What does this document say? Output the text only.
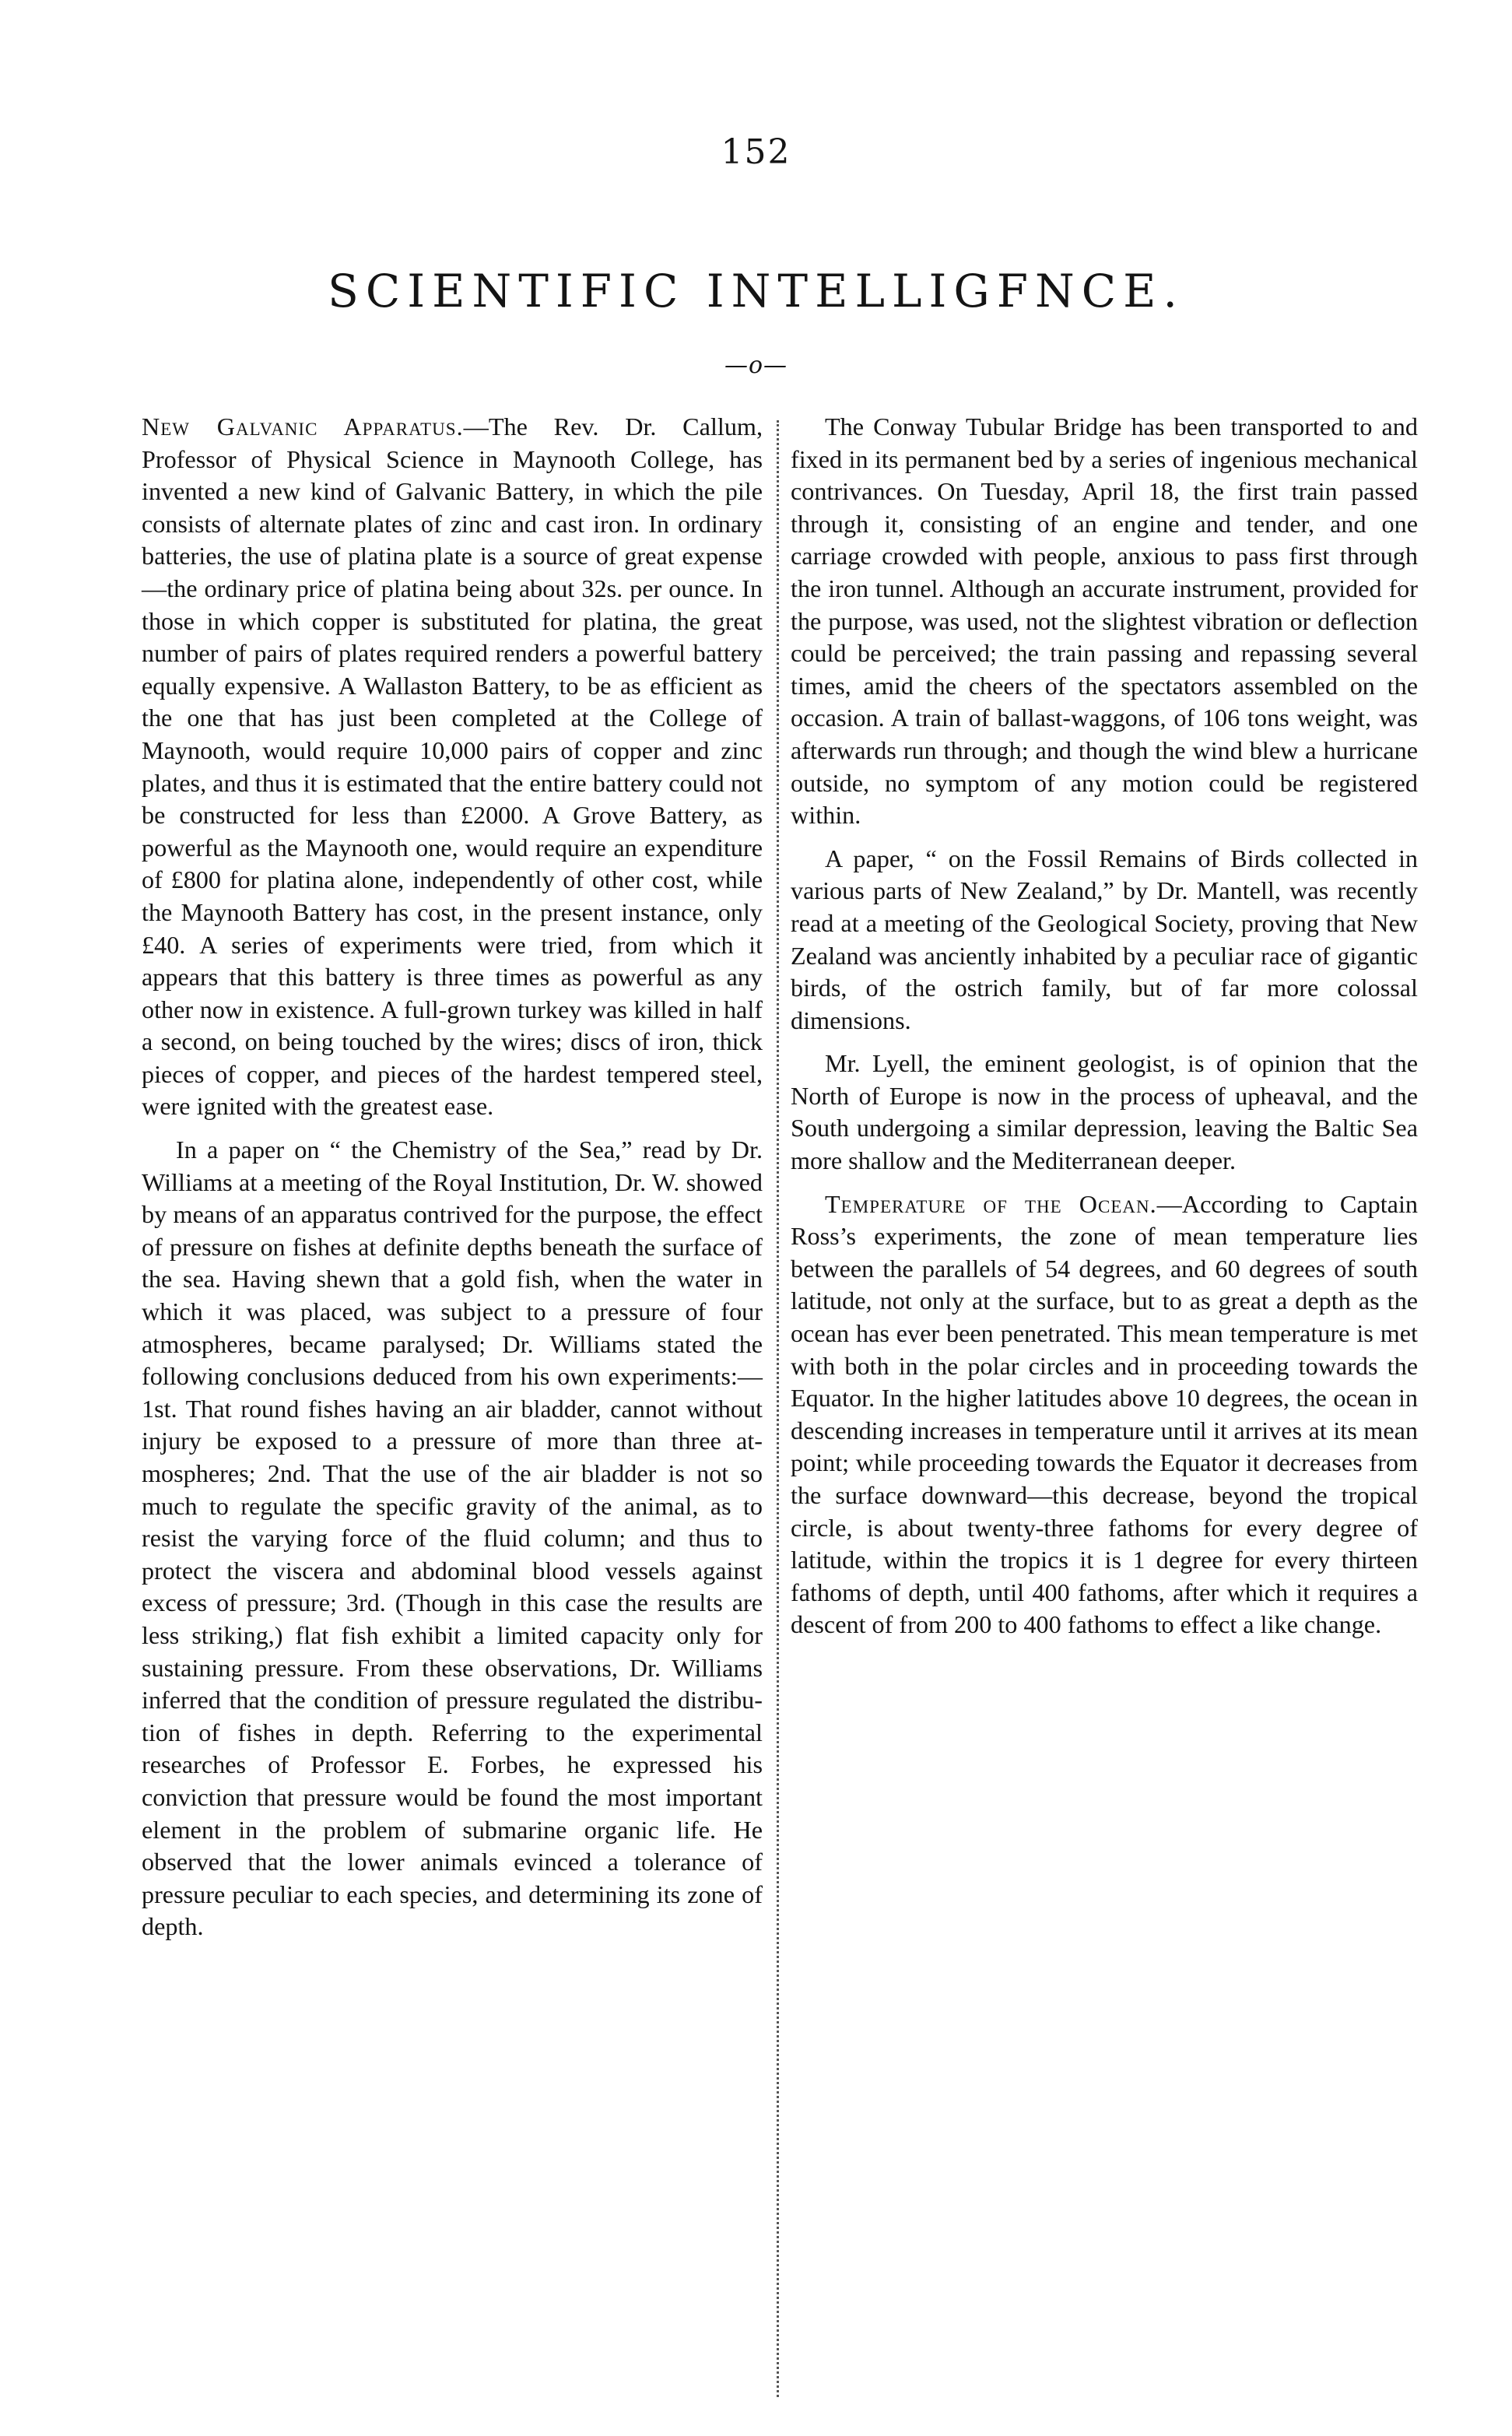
152
SCIENTIFIC INTELLIGFNCE.
—o—

New Galvanic Apparatus.—The Rev. Dr. Callum, Professor of Physical Science in Maynooth College, has invented a new kind of Galvanic Battery, in which the pile consists of alternate plates of zinc and cast iron. In ordinary batteries, the use of platina plate is a source of great expense—the ordinary price of platina being about 32s. per ounce. In those in which copper is substituted for platina, the great number of pairs of plates required renders a powerful battery equally expensive. A Wallaston Battery, to be as efficient as the one that has just been completed at the College of Maynooth, would require 10,000 pairs of copper and zinc plates, and thus it is estimated that the entire battery could not be constructed for less than £2000. A Grove Battery, as powerful as the Maynooth one, would require an expenditure of £800 for platina alone, independently of other cost, while the Maynooth Battery has cost, in the present instance, only £40. A series of experiments were tried, from which it appears that this battery is three times as powerful as any other now in existence. A full-grown turkey was killed in half a second, on being touched by the wires; discs of iron, thick pieces of copper, and pieces of the hardest tempered steel, were ignited with the greatest ease.

In a paper on “ the Chemistry of the Sea,” read by Dr. Williams at a meeting of the Royal Institution, Dr. W. showed by means of an apparatus contrived for the purpose, the effect of pressure on fishes at definite depths beneath the surface of the sea. Having shewn that a gold fish, when the water in which it was placed, was subject to a pressure of four atmospheres, became paralysed; Dr. Williams stated the following conclusions deduced from his own experiments:—1st. That round fishes having an air bladder, cannot without injury be exposed to a pressure of more than three atmospheres; 2nd. That the use of the air bladder is not so much to regulate the specific gravity of the animal, as to resist the varying force of the fluid column; and thus to protect the viscera and abdominal blood vessels against excess of pressure; 3rd. (Though in this case the results are less striking,) flat fish exhibit a limited capacity only for sustaining pressure. From these observations, Dr. Williams inferred that the condition of pressure regulated the distribution of fishes in depth. Referring to the experimental researches of Professor E. Forbes, he expressed his conviction that pressure would be found the most important element in the problem of submarine organic life. He observed that the lower animals evinced a tolerance of pressure peculiar to each species, and determining its zone of depth.

The Conway Tubular Bridge has been transported to and fixed in its permanent bed by a series of ingenious mechanical contrivances. On Tuesday, April 18, the first train passed through it, consisting of an engine and tender, and one carriage crowded with people, anxious to pass first through the iron tunnel. Although an accurate instrument, provided for the purpose, was used, not the slightest vibration or deflection could be perceived; the train passing and repassing several times, amid the cheers of the spectators assembled on the occasion. A train of ballast-waggons, of 106 tons weight, was afterwards run through; and though the wind blew a hurricane outside, no symptom of any motion could be registered within.

A paper, “ on the Fossil Remains of Birds collected in various parts of New Zealand,” by Dr. Mantell, was recently read at a meeting of the Geological Society, proving that New Zealand was anciently inhabited by a peculiar race of gigantic birds, of the ostrich family, but of far more colossal dimensions.

Mr. Lyell, the eminent geologist, is of opinion that the North of Europe is now in the process of upheaval, and the South undergoing a similar depression, leaving the Baltic Sea more shallow and the Mediterranean deeper.

Temperature of the Ocean.—According to Captain Ross’s experiments, the zone of mean temperature lies between the parallels of 54 degrees, and 60 degrees of south latitude, not only at the surface, but to as great a depth as the ocean has ever been penetrated. This mean temperature is met with both in the polar circles and in proceeding towards the Equator. In the higher latitudes above 10 degrees, the ocean in descending increases in temperature until it arrives at its mean point; while proceeding towards the Equator it decreases from the surface downward—this decrease, beyond the tropical circle, is about twenty-three fathoms for every degree of latitude, within the tropics it is 1 degree for every thirteen fathoms of depth, until 400 fathoms, after which it requires a descent of from 200 to 400 fathoms to effect a like change.
